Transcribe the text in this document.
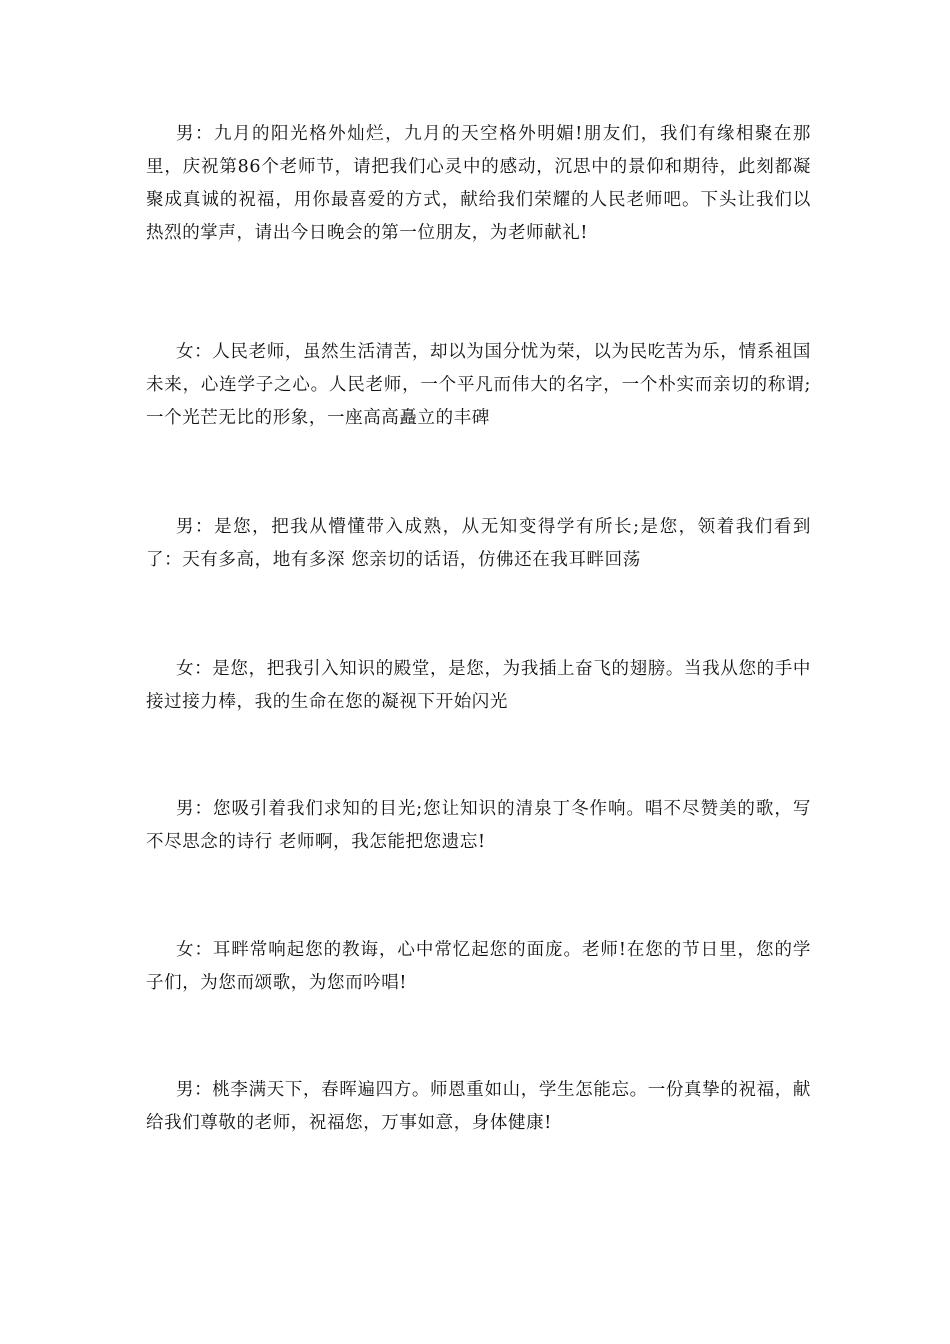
男：九月的阳光格外灿烂，九月的天空格外明媚!朋友们，我们有缘相聚在那里，庆祝第86个老师节，请把我们心灵中的感动，沉思中的景仰和期待，此刻都凝聚成真诚的祝福，用你最喜爱的方式，献给我们荣耀的人民老师吧。下头让我们以热烈的掌声，请出今日晚会的第一位朋友，为老师献礼!

女：人民老师，虽然生活清苦，却以为国分忧为荣，以为民吃苦为乐，情系祖国未来，心连学子之心。人民老师，一个平凡而伟大的名字，一个朴实而亲切的称谓;一个光芒无比的形象，一座高高矗立的丰碑

男：是您，把我从懵懂带入成熟，从无知变得学有所长;是您，领着我们看到了：天有多高，地有多深 您亲切的话语，仿佛还在我耳畔回荡

女：是您，把我引入知识的殿堂，是您，为我插上奋飞的翅膀。当我从您的手中接过接力棒，我的生命在您的凝视下开始闪光

男：您吸引着我们求知的目光;您让知识的清泉丁冬作响。唱不尽赞美的歌，写不尽思念的诗行 老师啊，我怎能把您遗忘!

女：耳畔常响起您的教诲，心中常忆起您的面庞。老师!在您的节日里，您的学子们，为您而颂歌，为您而吟唱!

男：桃李满天下，春晖遍四方。师恩重如山，学生怎能忘。一份真挚的祝福，献给我们尊敬的老师，祝福您，万事如意，身体健康!
